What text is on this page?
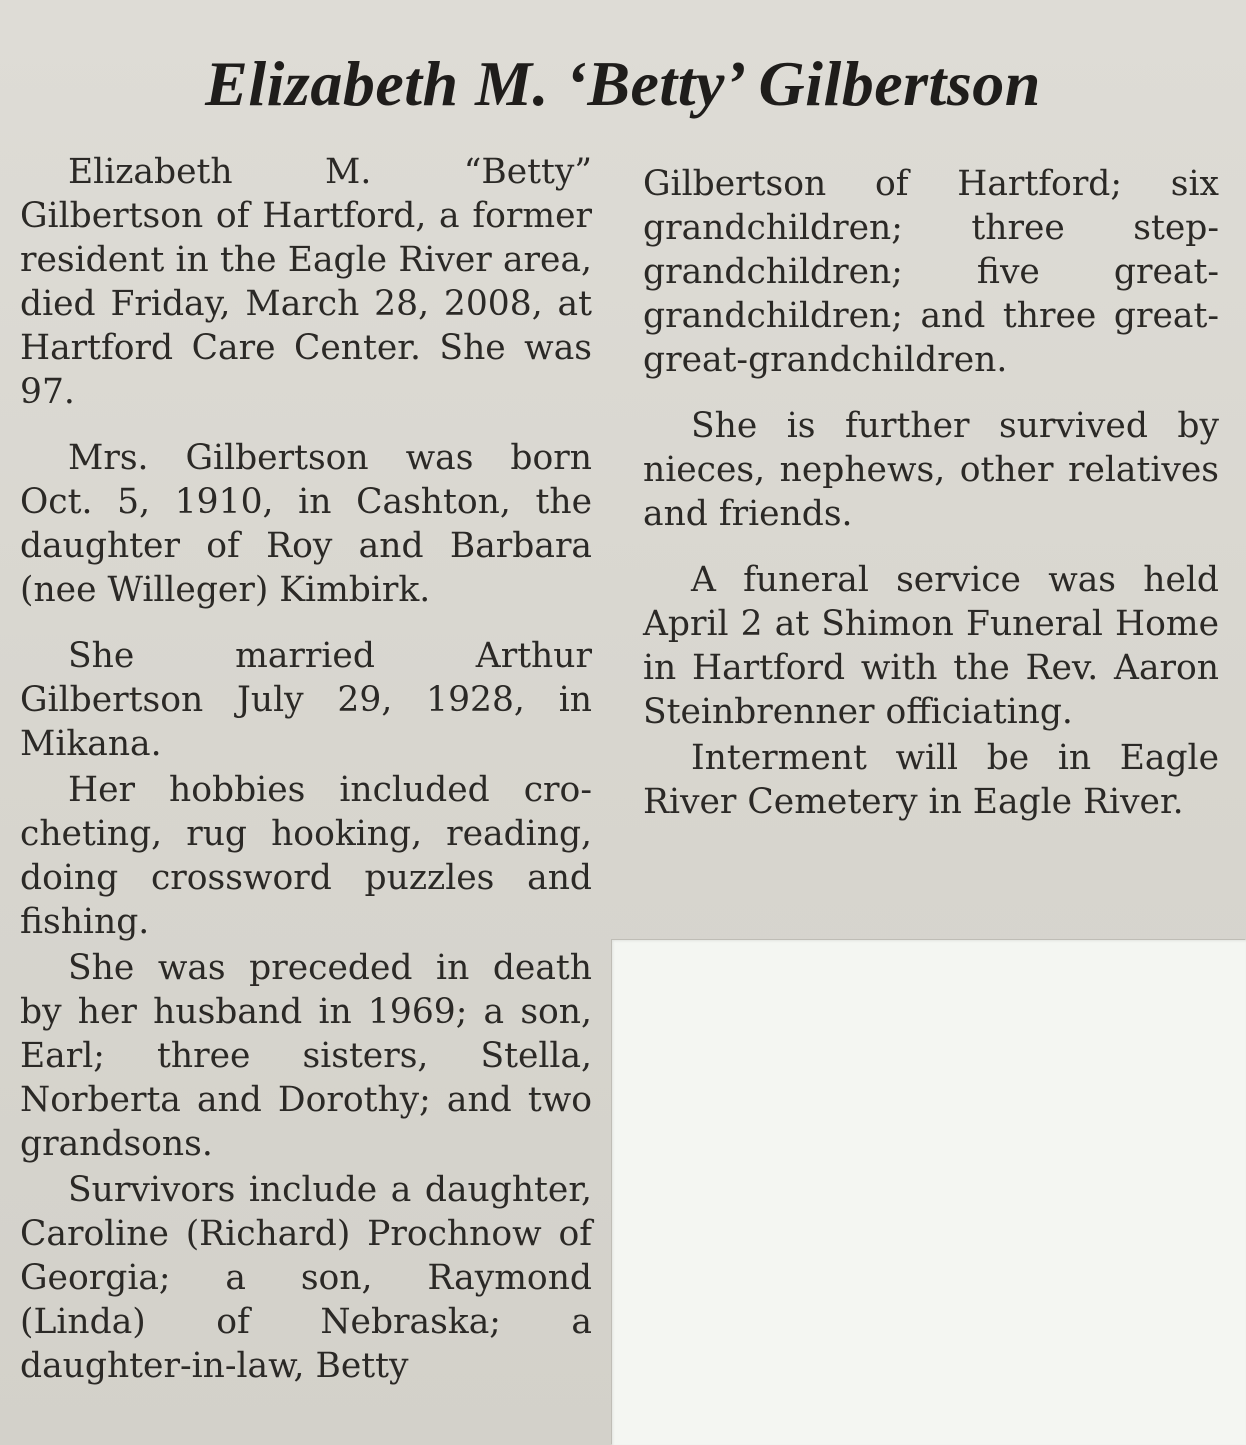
Elizabeth M. ‘Betty’ Gilbertson

Elizabeth M. “Betty” Gilbertson of Hartford, a former resident in the Eagle River area, died Friday, March 28, 2008, at Hartford Care Center. She was 97.

Mrs. Gilbertson was born Oct. 5, 1910, in Cashton, the daughter of Roy and Barbara (nee Willeger) Kimbirk.

She married Arthur Gilbertson July 29, 1928, in Mikana.

Her hobbies included crocheting, rug hooking, reading, doing crossword puzzles and fishing.

She was preceded in death by her husband in 1969; a son, Earl; three sisters, Stella, Norberta and Dorothy; and two grandsons.

Survivors include a daughter, Caroline (Richard) Prochnow of Georgia; a son, Raymond (Linda) of Nebraska; a daughter-in-law, Betty

Gilbertson of Hartford; six grandchildren; three stepgrandchildren; five greatgrandchildren; and three great-great-grandchildren.

She is further survived by nieces, nephews, other relatives and friends.

A funeral service was held April 2 at Shimon Funeral Home in Hartford with the Rev. Aaron Steinbrenner officiating.

Interment will be in Eagle River Cemetery in Eagle River.
